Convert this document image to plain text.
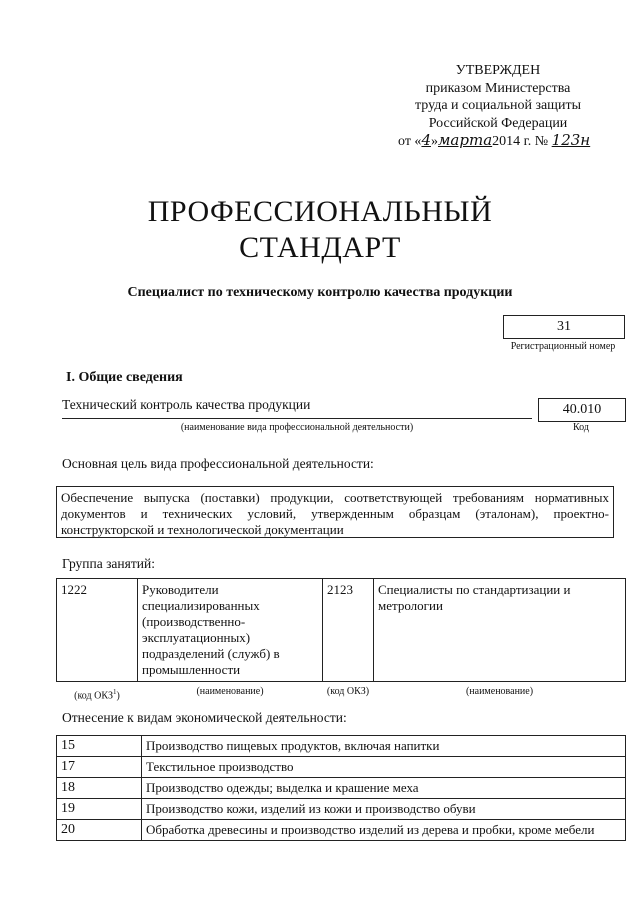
УТВЕРЖДЕН
приказом Министерства
труда и социальной защиты
Российской Федерации
от «4»марта2014 г. № 123н
ПРОФЕССИОНАЛЬНЫЙ
СТАНДАРТ
Специалист по техническому контролю качества продукции
31
Регистрационный номер
I. Общие сведения
Технический контроль качества продукции
(наименование вида профессиональной деятельности)
40.010
Код
Основная цель вида профессиональной деятельности:
Обеспечение выпуска (поставки) продукции, соответствующей требованиям нормативных документов и технических условий, утвержденным образцам (эталонам), проектно-конструкторской и технологической документации
Группа занятий:
1222	Руководители специализированных (производственно-эксплуатационных) подразделений (служб) в промышленности	2123	Специалисты по стандартизации и метрологии
(код ОКЗ$^1$)	(наименование)	(код ОКЗ)	(наименование)
Отнесение к видам экономической деятельности:
15	Производство пищевых продуктов, включая напитки
17	Текстильное производство
18	Производство одежды; выделка и крашение меха
19	Производство кожи, изделий из кожи и производство обуви
20	Обработка древесины и производство изделий из дерева и пробки, кроме мебели
